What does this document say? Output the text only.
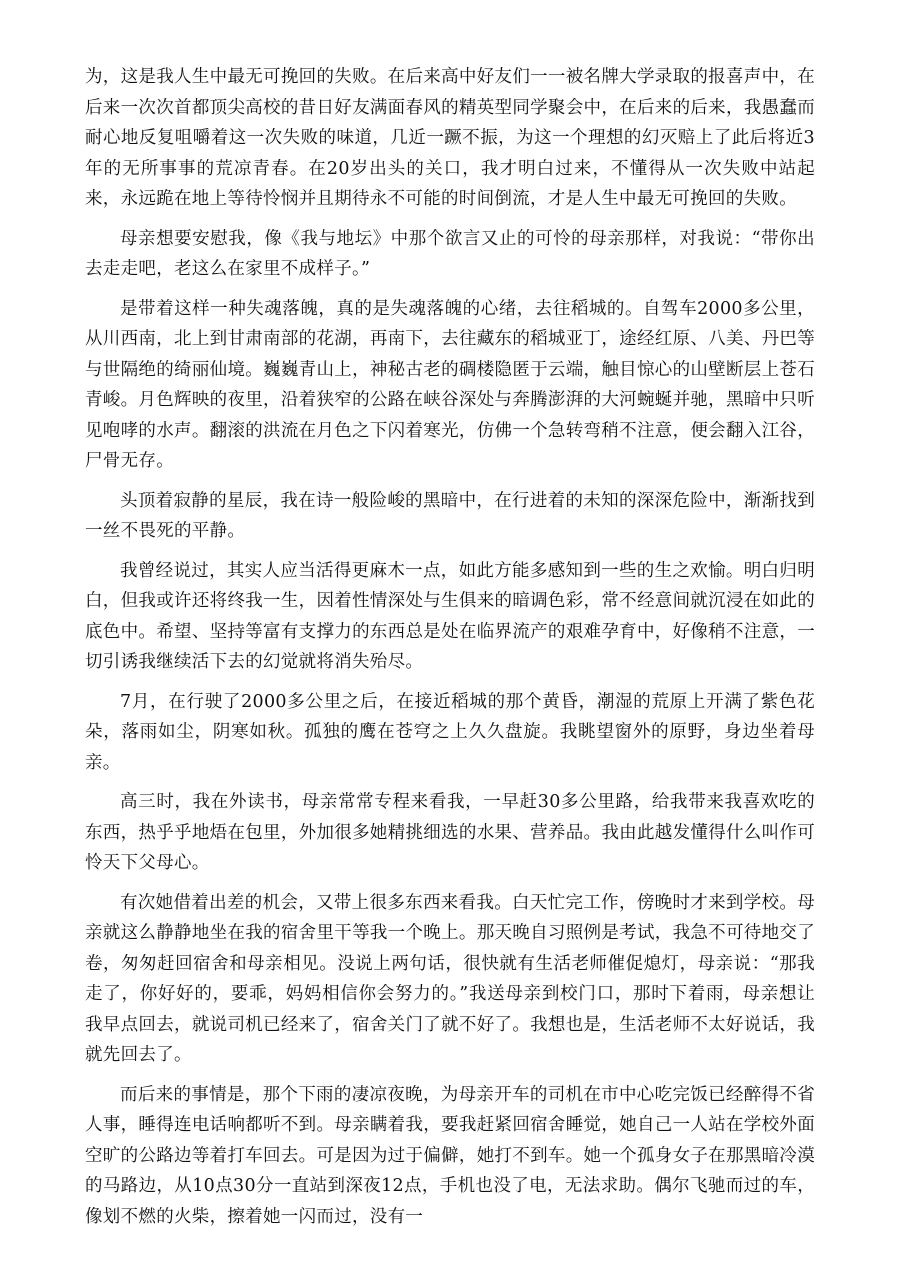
为，这是我人生中最无可挽回的失败。在后来高中好友们一一被名牌大学录取的报喜声中，在后来一次次首都顶尖高校的昔日好友满面春风的精英型同学聚会中，在后来的后来，我愚蠢而耐心地反复咀嚼着这一次失败的味道，几近一蹶不振，为这一个理想的幻灭赔上了此后将近3年的无所事事的荒凉青春。在20岁出头的关口，我才明白过来，不懂得从一次失败中站起来，永远跪在地上等待怜悯并且期待永不可能的时间倒流，才是人生中最无可挽回的失败。

母亲想要安慰我，像《我与地坛》中那个欲言又止的可怜的母亲那样，对我说：“带你出去走走吧，老这么在家里不成样子。”

是带着这样一种失魂落魄，真的是失魂落魄的心绪，去往稻城的。自驾车2000多公里，从川西南，北上到甘肃南部的花湖，再南下，去往藏东的稻城亚丁，途经红原、八美、丹巴等与世隔绝的绮丽仙境。巍巍青山上，神秘古老的碉楼隐匿于云端，触目惊心的山壁断层上苍石青峻。月色辉映的夜里，沿着狭窄的公路在峡谷深处与奔腾澎湃的大河蜿蜒并驰，黑暗中只听见咆哮的水声。翻滚的洪流在月色之下闪着寒光，仿佛一个急转弯稍不注意，便会翻入江谷，尸骨无存。

头顶着寂静的星辰，我在诗一般险峻的黑暗中，在行进着的未知的深深危险中，渐渐找到一丝不畏死的平静。

我曾经说过，其实人应当活得更麻木一点，如此方能多感知到一些的生之欢愉。明白归明白，但我或许还将终我一生，因着性情深处与生俱来的暗调色彩，常不经意间就沉浸在如此的底色中。希望、坚持等富有支撑力的东西总是处在临界流产的艰难孕育中，好像稍不注意，一切引诱我继续活下去的幻觉就将消失殆尽。

7月，在行驶了2000多公里之后，在接近稻城的那个黄昏，潮湿的荒原上开满了紫色花朵，落雨如尘，阴寒如秋。孤独的鹰在苍穹之上久久盘旋。我眺望窗外的原野，身边坐着母亲。

高三时，我在外读书，母亲常常专程来看我，一早赶30多公里路，给我带来我喜欢吃的东西，热乎乎地焐在包里，外加很多她精挑细选的水果、营养品。我由此越发懂得什么叫作可怜天下父母心。

有次她借着出差的机会，又带上很多东西来看我。白天忙完工作，傍晚时才来到学校。母亲就这么静静地坐在我的宿舍里干等我一个晚上。那天晚自习照例是考试，我急不可待地交了卷，匆匆赶回宿舍和母亲相见。没说上两句话，很快就有生活老师催促熄灯，母亲说：“那我走了，你好好的，要乖，妈妈相信你会努力的。”我送母亲到校门口，那时下着雨，母亲想让我早点回去，就说司机已经来了，宿舍关门了就不好了。我想也是，生活老师不太好说话，我就先回去了。

而后来的事情是，那个下雨的凄凉夜晚，为母亲开车的司机在市中心吃完饭已经醉得不省人事，睡得连电话响都听不到。母亲瞒着我，要我赶紧回宿舍睡觉，她自己一人站在学校外面空旷的公路边等着打车回去。可是因为过于偏僻，她打不到车。她一个孤身女子在那黑暗冷漠的马路边，从10点30分一直站到深夜12点，手机也没了电，无法求助。偶尔飞驰而过的车，像划不燃的火柴，擦着她一闪而过，没有一
